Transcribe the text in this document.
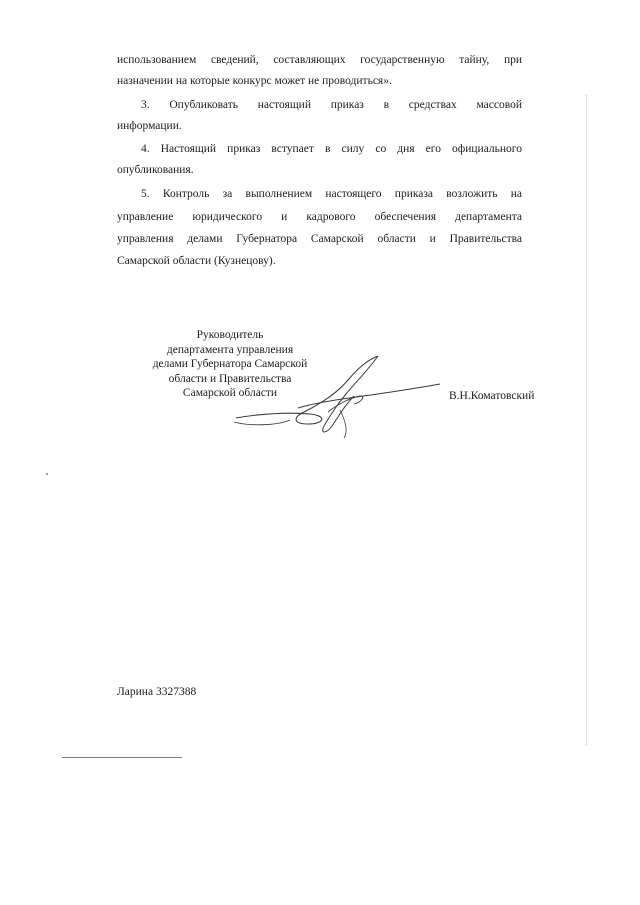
использованием сведений, составляющих государственную тайну, при
назначении на которые конкурс может не проводиться».
3. Опубликовать настоящий приказ в средствах массовой
информации.
4. Настоящий приказ вступает в силу со дня его официального
опубликования.
5. Контроль за выполнением настоящего приказа возложить на
управление юридического и кадрового обеспечения департамента
управления делами Губернатора Самарской области и Правительства
Самарской области (Кузнецову).
Руководитель
департамента управления
делами Губернатора Самарской
области и Правительства
Самарской области	В.Н.Коматовский
Ларина 3327388
